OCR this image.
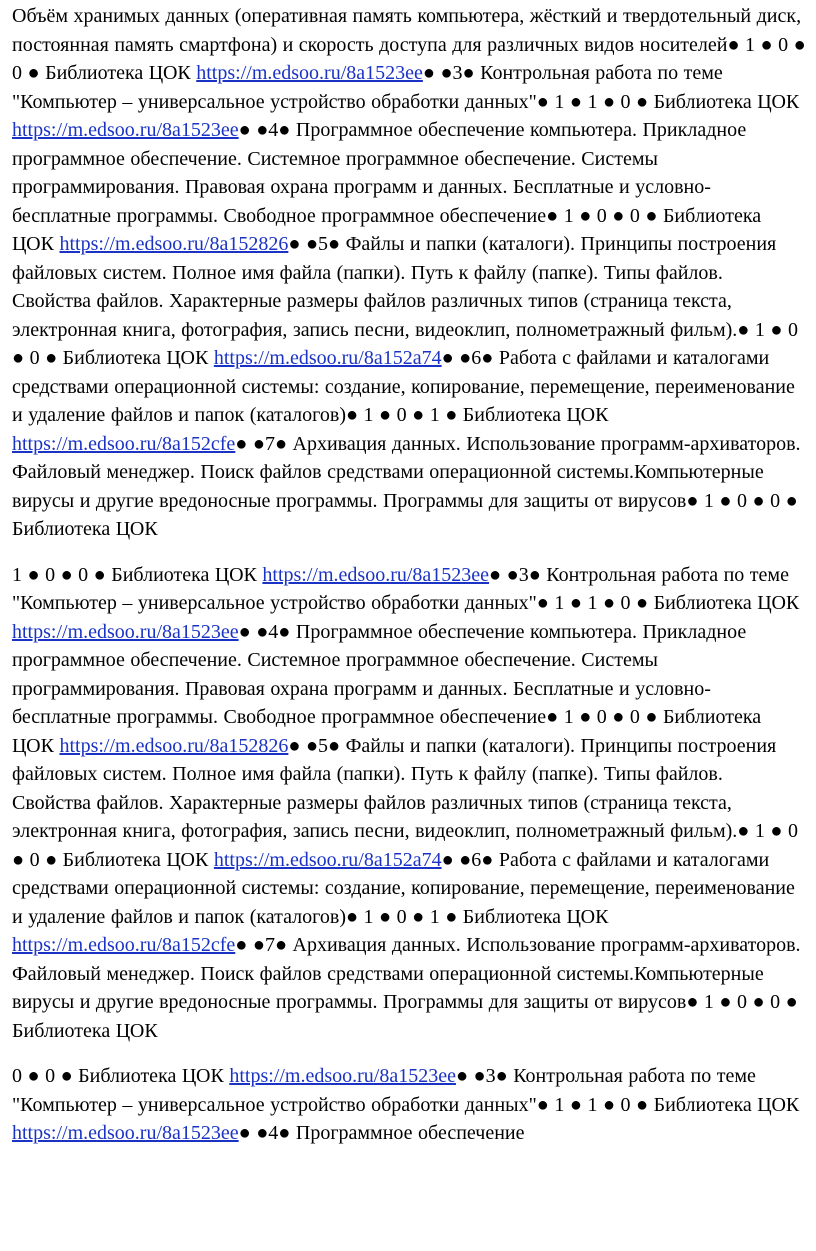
Объём хранимых данных (оперативная память компьютера, жёсткий и твердотельный диск, постоянная память смартфона) и скорость доступа для различных видов носителей● 1 ● 0 ● 0 ● Библиотека ЦОК https://m.edsoo.ru/8a1523ee● ●3● Контрольная работа по теме "Компьютер – универсальное устройство обработки данных"● 1 ● 1 ● 0 ● Библиотека ЦОК https://m.edsoo.ru/8a1523ee● ●4● Программное обеспечение компьютера. Прикладное программное обеспечение. Системное программное обеспечение. Системы программирования. Правовая охрана программ и данных. Бесплатные и условно-бесплатные программы. Свободное программное обеспечение● 1 ● 0 ● 0 ● Библиотека ЦОК https://m.edsoo.ru/8a152826● ●5● Файлы и папки (каталоги). Принципы построения файловых систем. Полное имя файла (папки). Путь к файлу (папке). Типы файлов. Свойства файлов. Характерные размеры файлов различных типов (страница текста, электронная книга, фотография, запись песни, видеоклип, полнометражный фильм).● 1 ● 0 ● 0 ● Библиотека ЦОК https://m.edsoo.ru/8a152a74● ●6● Работа с файлами и каталогами средствами операционной системы: создание, копирование, перемещение, переименование и удаление файлов и папок (каталогов)● 1 ● 0 ● 1 ● Библиотека ЦОК https://m.edsoo.ru/8a152cfe● ●7● Архивация данных. Использование программ-архиваторов. Файловый менеджер. Поиск файлов средствами операционной системы.Компьютерные вирусы и другие вредоносные программы. Программы для защиты от вирусов● 1 ● 0 ● 0 ● Библиотека ЦОК

1 ● 0 ● 0 ● Библиотека ЦОК https://m.edsoo.ru/8a1523ee● ●3● Контрольная работа по теме "Компьютер – универсальное устройство обработки данных"● 1 ● 1 ● 0 ● Библиотека ЦОК https://m.edsoo.ru/8a1523ee● ●4● Программное обеспечение компьютера. Прикладное программное обеспечение. Системное программное обеспечение. Системы программирования. Правовая охрана программ и данных. Бесплатные и условно-бесплатные программы. Свободное программное обеспечение● 1 ● 0 ● 0 ● Библиотека ЦОК https://m.edsoo.ru/8a152826● ●5● Файлы и папки (каталоги). Принципы построения файловых систем. Полное имя файла (папки). Путь к файлу (папке). Типы файлов. Свойства файлов. Характерные размеры файлов различных типов (страница текста, электронная книга, фотография, запись песни, видеоклип, полнометражный фильм).● 1 ● 0 ● 0 ● Библиотека ЦОК https://m.edsoo.ru/8a152a74● ●6● Работа с файлами и каталогами средствами операционной системы: создание, копирование, перемещение, переименование и удаление файлов и папок (каталогов)● 1 ● 0 ● 1 ● Библиотека ЦОК https://m.edsoo.ru/8a152cfe● ●7● Архивация данных. Использование программ-архиваторов. Файловый менеджер. Поиск файлов средствами операционной системы.Компьютерные вирусы и другие вредоносные программы. Программы для защиты от вирусов● 1 ● 0 ● 0 ● Библиотека ЦОК

0 ● 0 ● Библиотека ЦОК https://m.edsoo.ru/8a1523ee● ●3● Контрольная работа по теме "Компьютер – универсальное устройство обработки данных"● 1 ● 1 ● 0 ● Библиотека ЦОК https://m.edsoo.ru/8a1523ee● ●4● Программное обеспечение
